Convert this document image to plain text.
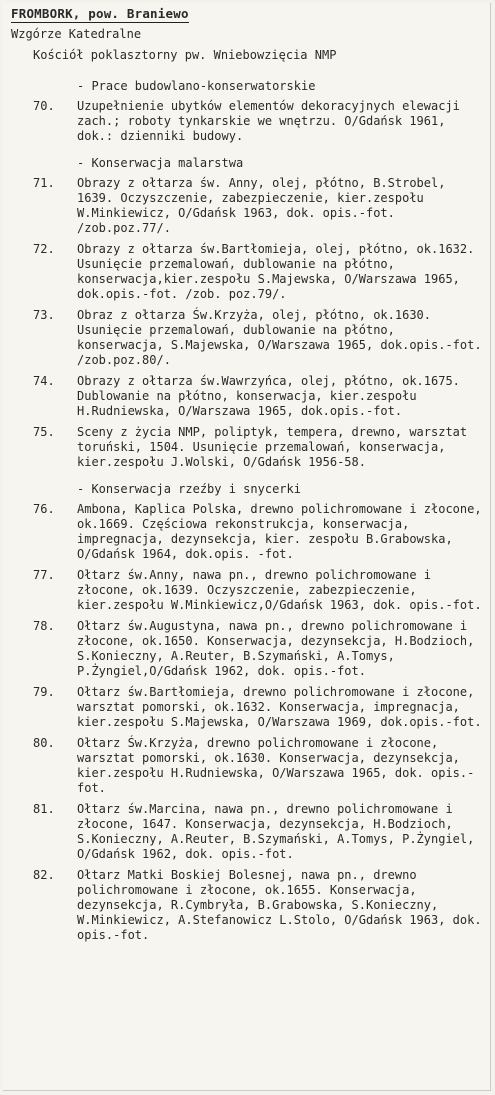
FROMBORK, pow. Braniewo
Wzgórze Katedralne
Kościół poklasztorny pw. Wniebowzięcia NMP
- Prace budowlano-konserwatorskie
70.	Uzupełnienie ubytków elementów dekoracyjnych elewacji zach.; roboty tynkarskie we wnętrzu. O/Gdańsk 1961, dok.: dzienniki budowy.
- Konserwacja malarstwa
71.	Obrazy z ołtarza św. Anny, olej, płótno, B.Strobel, 1639. Oczyszczenie, zabezpieczenie, kier.zespołu W.Minkiewicz, O/Gdańsk 1963, dok. opis.-fot. /zob.poz.77/.
72.	Obrazy z ołtarza św.Bartłomieja, olej, płótno, ok.1632. Usunięcie przemalowań, dublowanie na płótno, konserwacja,kier.zespołu S.Majewska, O/Warszawa 1965, dok.opis.-fot. /zob. poz.79/.
73.	Obraz z ołtarza Św.Krzyża, olej, płótno, ok.1630. Usunięcie przemalowań, dublowanie na płótno, konserwacja, S.Majewska, O/Warszawa 1965, dok.opis.-fot. /zob.poz.80/.
74.	Obrazy z ołtarza św.Wawrzyńca, olej, płótno, ok.1675. Dublowanie na płótno, konserwacja, kier.zespołu H.Rudniewska, O/Warszawa 1965, dok.opis.-fot.
75.	Sceny z życia NMP, poliptyk, tempera, drewno, warsztat toruński, 1504. Usunięcie przemalowań, konserwacja, kier.zespołu J.Wolski, O/Gdańsk 1956-58.
- Konserwacja rzeźby i snycerki
76.	Ambona, Kaplica Polska, drewno polichromowane i złocone, ok.1669. Częściowa rekonstrukcja, konserwacja, impregnacja, dezynsekcja, kier. zespołu B.Grabowska, O/Gdańsk 1964, dok.opis. -fot.
77.	Ołtarz św.Anny, nawa pn., drewno polichromowane i złocone, ok.1639. Oczyszczenie, zabezpieczenie, kier.zespołu W.Minkiewicz,O/Gdańsk 1963, dok. opis.-fot.
78.	Ołtarz św.Augustyna, nawa pn., drewno polichromowane i złocone, ok.1650. Konserwacja, dezynsekcja, H.Bodzioch, S.Konieczny, A.Reuter, B.Szymański, A.Tomys, P.Żyngiel,O/Gdańsk 1962, dok. opis.-fot.
79.	Ołtarz św.Bartłomieja, drewno polichromowane i złocone, warsztat pomorski, ok.1632. Konserwacja, impregnacja, kier.zespołu S.Majewska, O/Warszawa 1969, dok.opis.-fot.
80.	Ołtarz Św.Krzyża, drewno polichromowane i złocone, warsztat pomorski, ok.1630. Konserwacja, dezynsekcja, kier.zespołu H.Rudniewska, O/Warszawa 1965, dok. opis.-fot.
81.	Ołtarz św.Marcina, nawa pn., drewno polichromowane i złocone, 1647. Konserwacja, dezynsekcja, H.Bodzioch, S.Konieczny, A.Reuter, B.Szymański, A.Tomys, P.Żyngiel, O/Gdańsk 1962, dok. opis.-fot.
82.	Ołtarz Matki Boskiej Bolesnej, nawa pn., drewno polichromowane i złocone, ok.1655. Konserwacja, dezynsekcja, R.Cymbryła, B.Grabowska, S.Konieczny, W.Minkiewicz, A.Stefanowicz L.Stolo, O/Gdańsk 1963, dok. opis.-fot.
